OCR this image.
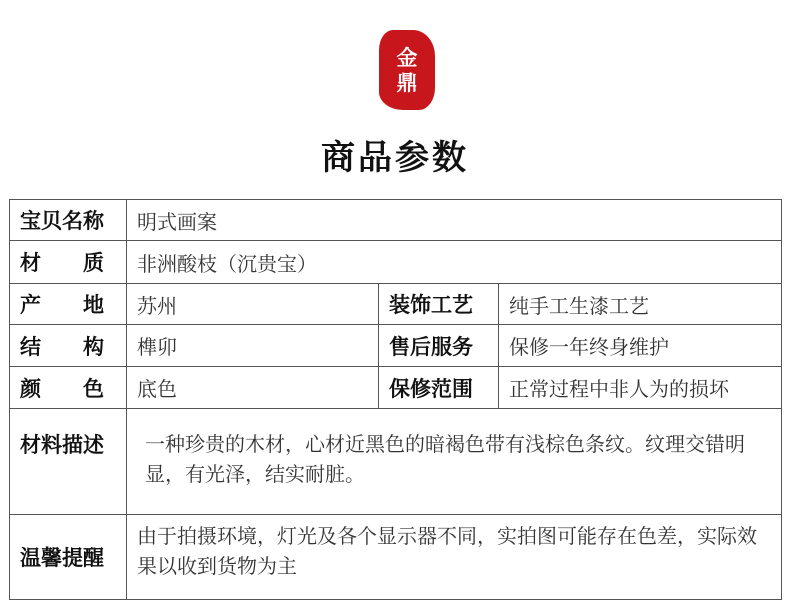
金
鼎
商品参数
宝贝名称	明式画案		
材　　质	非洲酸枝（沉贵宝）		
产　　地	苏州	装饰工艺	纯手工生漆工艺
结　　构	榫卯	售后服务	保修一年终身维护
颜　　色	底色	保修范围	正常过程中非人为的损坏
材料描述	一种珍贵的木材，心材近黑色的暗褐色带有浅棕色条纹。纹理交错明显，有光泽，结实耐脏。		
温馨提醒	由于拍摄环境，灯光及各个显示器不同，实拍图可能存在色差，实际效果以收到货物为主		
